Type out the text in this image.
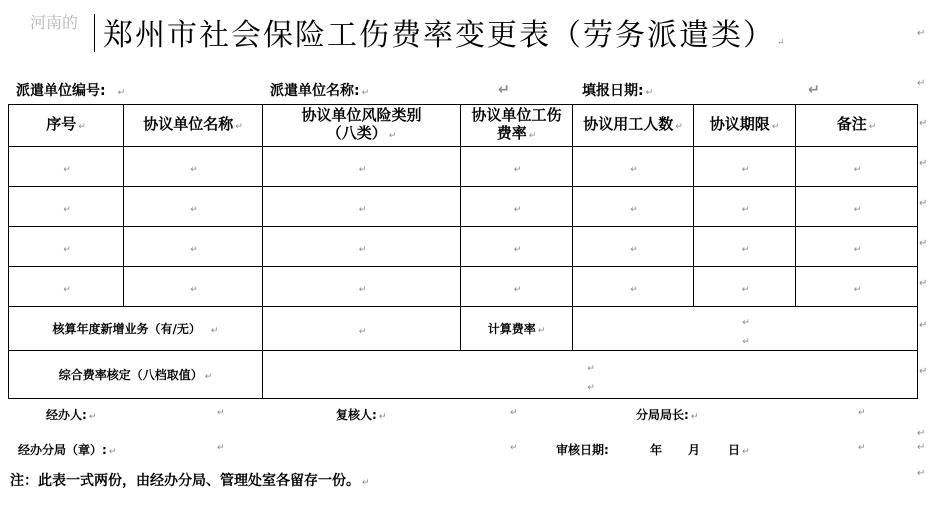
河南的 郑州市社会保险工伤费率变更表（劳务派遣类） ↵
↵
派遣单位编号: ↵	派遣单位名称: ↵	↵	填报日期: ↵	↵	↵
序号 ↵	协议单位名称 ↵	协议单位风险类别
（八类） ↵	协议单位工伤
费率 ↵	协议用工人数 ↵	协议期限 ↵	备注 ↵
↵	↵	↵	↵	↵	↵	↵
↵	↵	↵	↵	↵	↵	↵
↵	↵	↵	↵	↵	↵	↵
↵	↵	↵	↵	↵	↵	↵
核算年度新增业务（有/无） ↵		↵	计算费率 ↵	↵
↵		
综合费率核定（八档取值） ↵		↵
↵				
↵
↵
↵
↵
↵
↵
↵
经办人: ↵	↵	复核人: ↵	↵	分局局长: ↵	↵
↵
经办分局（章）: ↵	↵	↵	审核日期:	年 月 日 ↵	↵	↵
注：此表一式两份，由经办分局、管理处室各留存一份。 ↵
↵
